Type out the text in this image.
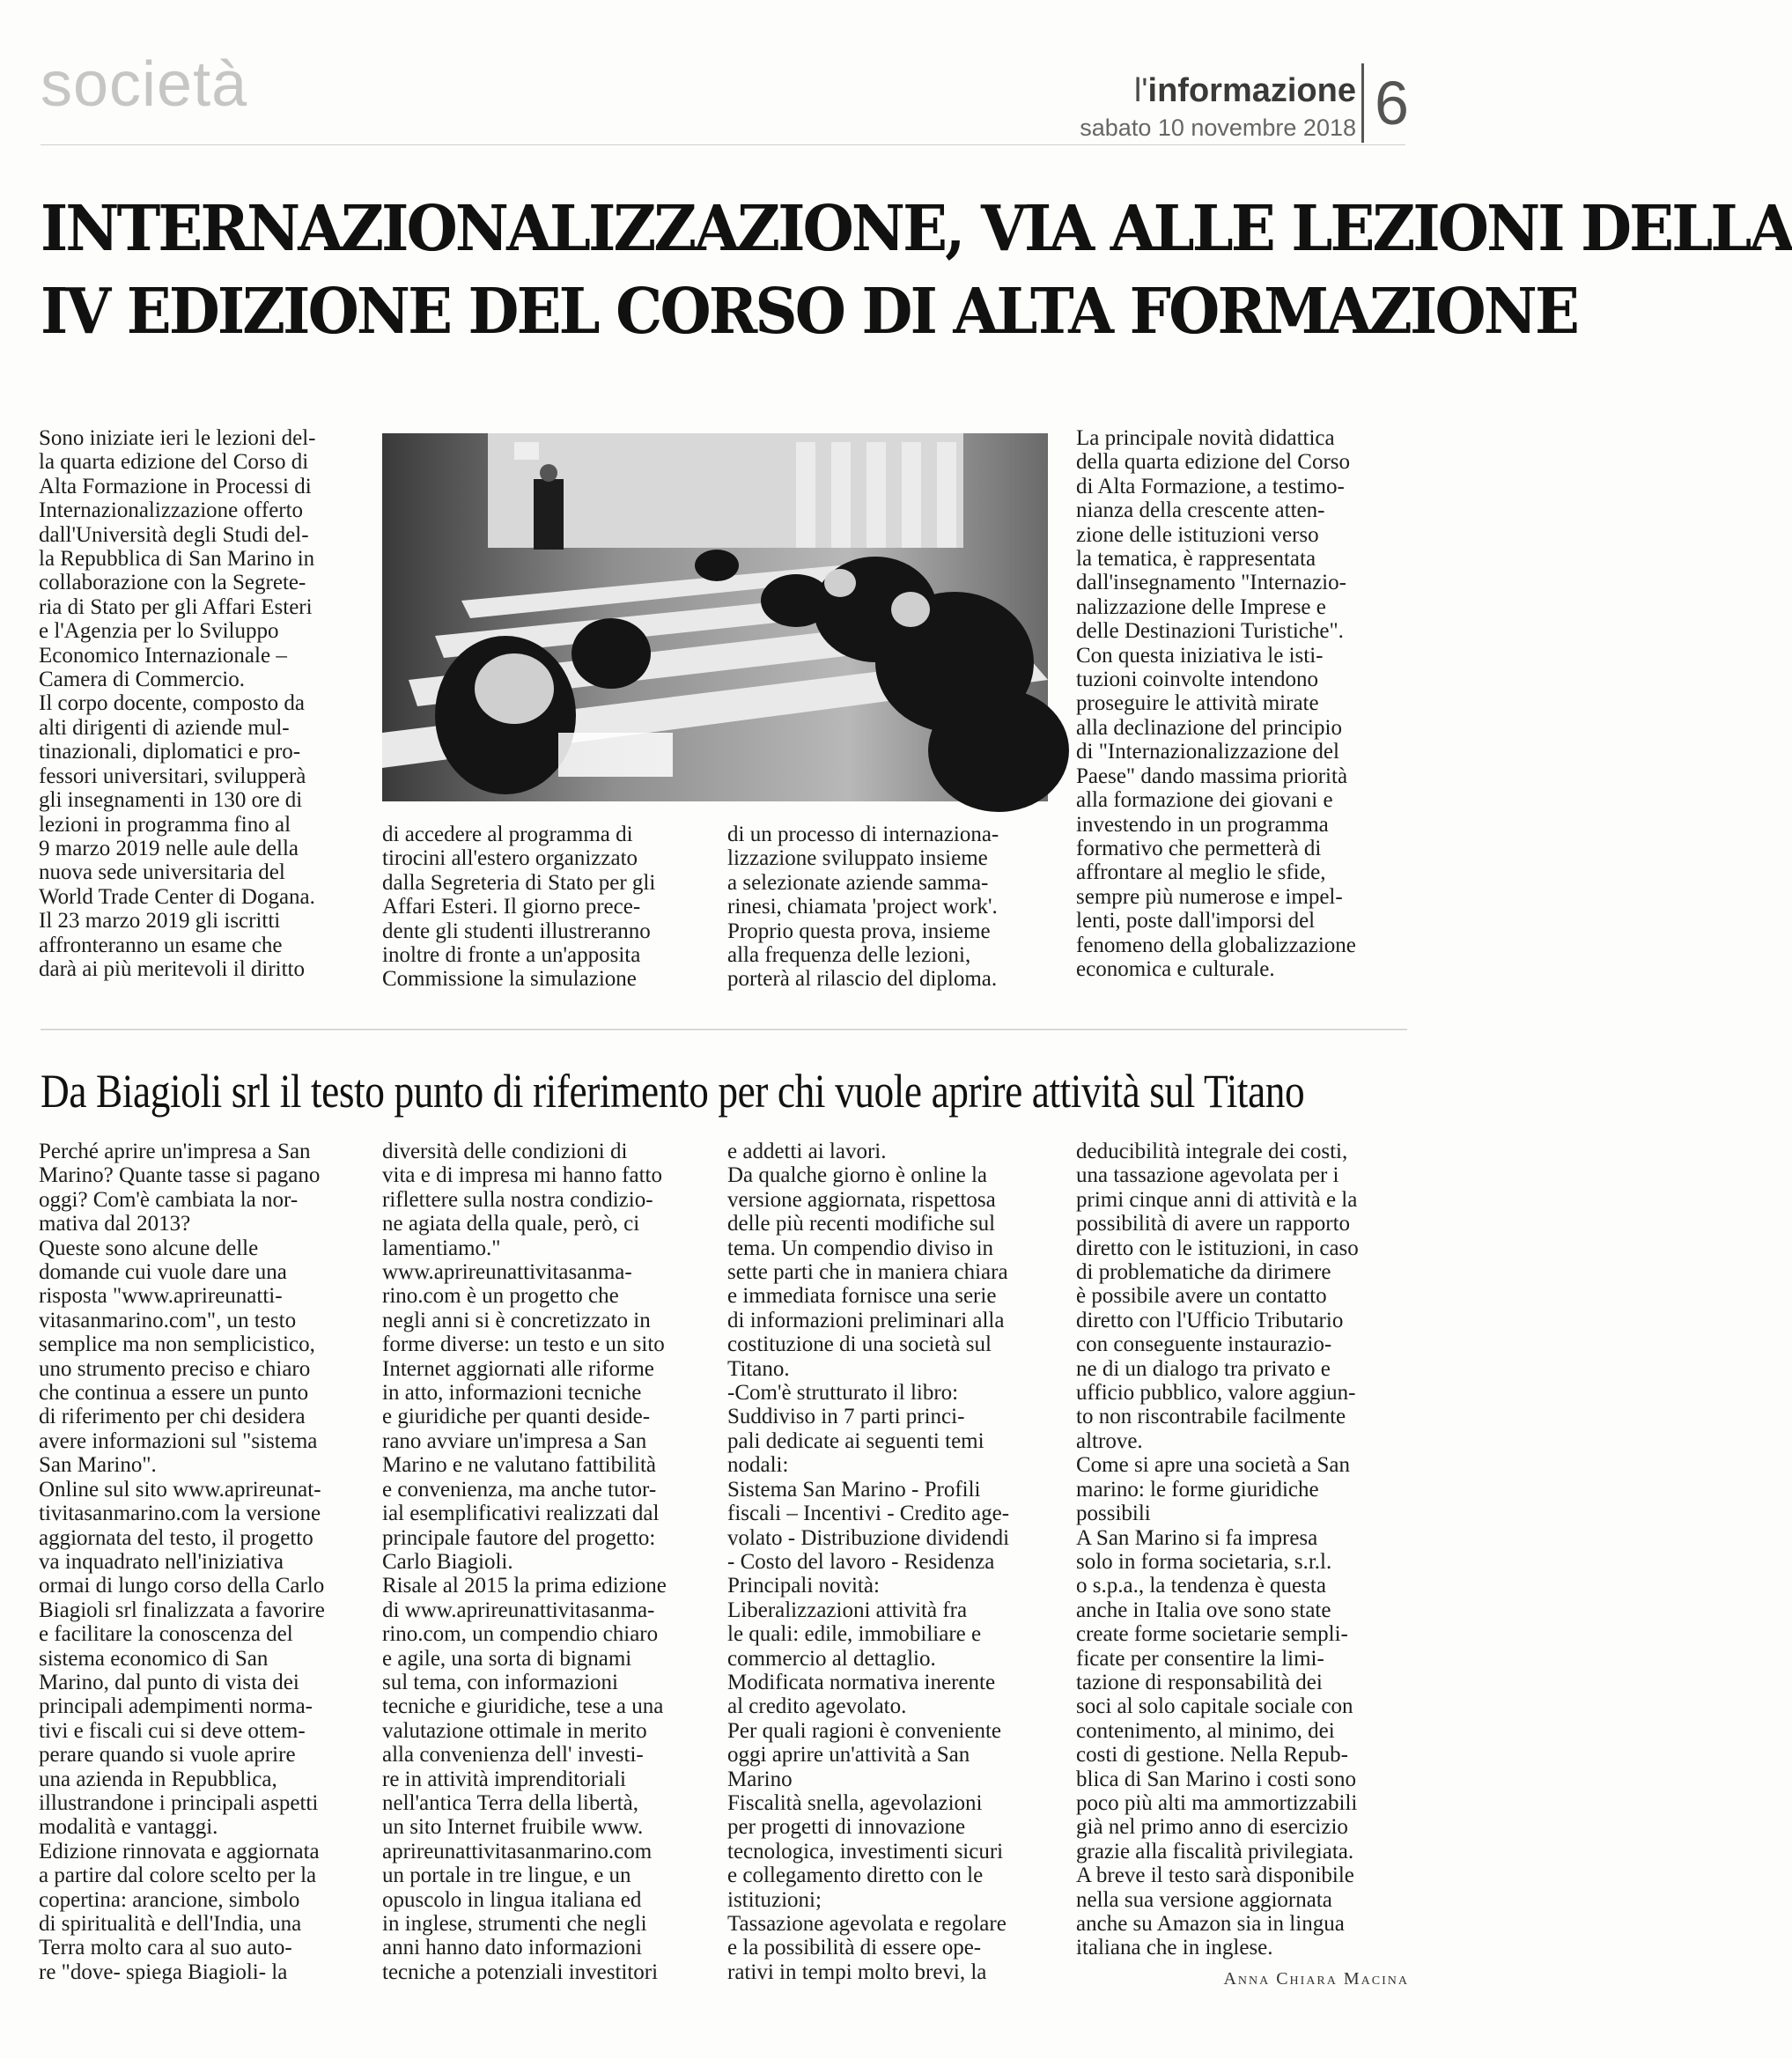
società	l'informazione
sabato 10 novembre 2018 6
INTERNAZIONALIZZAZIONE, VIA ALLE LEZIONI DELLA
IV EDIZIONE DEL CORSO DI ALTA FORMAZIONE
Sono iniziate ieri le lezioni del-
la quarta edizione del Corso di
Alta Formazione in Processi di
Internazionalizzazione offerto
dall'Università degli Studi del-
la Repubblica di San Marino in
collaborazione con la Segrete-
ria di Stato per gli Affari Esteri
e l'Agenzia per lo Sviluppo
Economico Internazionale –
Camera di Commercio.
Il corpo docente, composto da
alti dirigenti di aziende mul-
tinazionali, diplomatici e pro-
fessori universitari, svilupperà
gli insegnamenti in 130 ore di
lezioni in programma fino al
9 marzo 2019 nelle aule della
nuova sede universitaria del
World Trade Center di Dogana.
Il 23 marzo 2019 gli iscritti
affronteranno un esame che
darà ai più meritevoli il diritto
di accedere al programma di
tirocini all'estero organizzato
dalla Segreteria di Stato per gli
Affari Esteri. Il giorno prece-
dente gli studenti illustreranno
inoltre di fronte a un'apposita
Commissione la simulazione
di un processo di internaziona-
lizzazione sviluppato insieme
a selezionate aziende samma-
rinesi, chiamata 'project work'.
Proprio questa prova, insieme
alla frequenza delle lezioni,
porterà al rilascio del diploma.
La principale novità didattica
della quarta edizione del Corso
di Alta Formazione, a testimo-
nianza della crescente atten-
zione delle istituzioni verso
la tematica, è rappresentata
dall'insegnamento "Internazio-
nalizzazione delle Imprese e
delle Destinazioni Turistiche".
Con questa iniziativa le isti-
tuzioni coinvolte intendono
proseguire le attività mirate
alla declinazione del principio
di "Internazionalizzazione del
Paese" dando massima priorità
alla formazione dei giovani e
investendo in un programma
formativo che permetterà di
affrontare al meglio le sfide,
sempre più numerose e impel-
lenti, poste dall'imporsi del
fenomeno della globalizzazione
economica e culturale.
Da Biagioli srl il testo punto di riferimento per chi vuole aprire attività sul Titano
Perché aprire un'impresa a San
Marino? Quante tasse si pagano
oggi? Com'è cambiata la nor-
mativa dal 2013?
Queste sono alcune delle
domande cui vuole dare una
risposta "www.aprireunatti-
vitasanmarino.com", un testo
semplice ma non semplicistico,
uno strumento preciso e chiaro
che continua a essere un punto
di riferimento per chi desidera
avere informazioni sul "sistema
San Marino".
Online sul sito www.aprireunat-
tivitasanmarino.com la versione
aggiornata del testo, il progetto
va inquadrato nell'iniziativa
ormai di lungo corso della Carlo
Biagioli srl finalizzata a favorire
e facilitare la conoscenza del
sistema economico di San
Marino, dal punto di vista dei
principali adempimenti norma-
tivi e fiscali cui si deve ottem-
perare quando si vuole aprire
una azienda in Repubblica,
illustrandone i principali aspetti
modalità e vantaggi.
Edizione rinnovata e aggiornata
a partire dal colore scelto per la
copertina: arancione, simbolo
di spiritualità e dell'India, una
Terra molto cara al suo auto-
re "dove- spiega Biagioli- la
diversità delle condizioni di
vita e di impresa mi hanno fatto
riflettere sulla nostra condizio-
ne agiata della quale, però, ci
lamentiamo."
www.aprireunattivitasanma-
rino.com è un progetto che
negli anni si è concretizzato in
forme diverse: un testo e un sito
Internet aggiornati alle riforme
in atto, informazioni tecniche
e giuridiche per quanti deside-
rano avviare un'impresa a San
Marino e ne valutano fattibilità
e convenienza, ma anche tutor-
ial esemplificativi realizzati dal
principale fautore del progetto:
Carlo Biagioli.
Risale al 2015 la prima edizione
di www.aprireunattivitasanma-
rino.com, un compendio chiaro
e agile, una sorta di bignami
sul tema, con informazioni
tecniche e giuridiche, tese a una
valutazione ottimale in merito
alla convenienza dell' investi-
re in attività imprenditoriali
nell'antica Terra della libertà,
un sito Internet fruibile www.
aprireunattivitasanmarino.com
un portale in tre lingue, e un
opuscolo in lingua italiana ed
in inglese, strumenti che negli
anni hanno dato informazioni
tecniche a potenziali investitori
e addetti ai lavori.
Da qualche giorno è online la
versione aggiornata, rispettosa
delle più recenti modifiche sul
tema. Un compendio diviso in
sette parti che in maniera chiara
e immediata fornisce una serie
di informazioni preliminari alla
costituzione di una società sul
Titano.
-Com'è strutturato il libro:
Suddiviso in 7 parti princi-
pali dedicate ai seguenti temi
nodali:
Sistema San Marino - Profili
fiscali – Incentivi - Credito age-
volato - Distribuzione dividendi
- Costo del lavoro - Residenza
Principali novità:
Liberalizzazioni attività fra
le quali: edile, immobiliare e
commercio al dettaglio.
Modificata normativa inerente
al credito agevolato.
Per quali ragioni è conveniente
oggi aprire un'attività a San
Marino
Fiscalità snella, agevolazioni
per progetti di innovazione
tecnologica, investimenti sicuri
e collegamento diretto con le
istituzioni;
Tassazione agevolata e regolare
e la possibilità di essere ope-
rativi in tempi molto brevi, la
deducibilità integrale dei costi,
una tassazione agevolata per i
primi cinque anni di attività e la
possibilità di avere un rapporto
diretto con le istituzioni, in caso
di problematiche da dirimere
è possibile avere un contatto
diretto con l'Ufficio Tributario
con conseguente instaurazio-
ne di un dialogo tra privato e
ufficio pubblico, valore aggiun-
to non riscontrabile facilmente
altrove.
Come si apre una società a San
marino: le forme giuridiche
possibili
A San Marino si fa impresa
solo in forma societaria, s.r.l.
o s.p.a., la tendenza è questa
anche in Italia ove sono state
create forme societarie sempli-
ficate per consentire la limi-
tazione di responsabilità dei
soci al solo capitale sociale con
contenimento, al minimo, dei
costi di gestione. Nella Repub-
blica di San Marino i costi sono
poco più alti ma ammortizzabili
già nel primo anno di esercizio
grazie alla fiscalità privilegiata.
A breve il testo sarà disponibile
nella sua versione aggiornata
anche su Amazon sia in lingua
italiana che in inglese.
Anna Chiara Macina
